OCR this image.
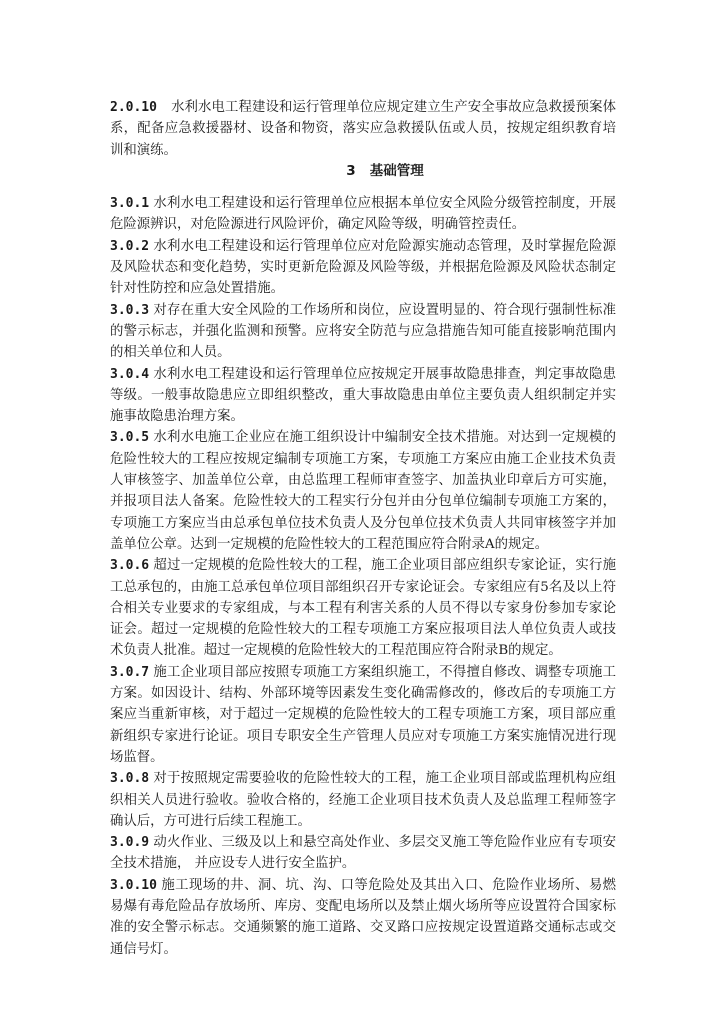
2.0.10 水利水电工程建设和运行管理单位应规定建立生产安全事故应急救援预案体系，配备应急救援器材、设备和物资，落实应急救援队伍或人员，按规定组织教育培训和演练。

3 基础管理

3.0.1 水利水电工程建设和运行管理单位应根据本单位安全风险分级管控制度，开展危险源辨识，对危险源进行风险评价，确定风险等级，明确管控责任。

3.0.2 水利水电工程建设和运行管理单位应对危险源实施动态管理，及时掌握危险源及风险状态和变化趋势，实时更新危险源及风险等级，并根据危险源及风险状态制定针对性防控和应急处置措施。

3.0.3 对存在重大安全风险的工作场所和岗位，应设置明显的、符合现行强制性标准的警示标志，并强化监测和预警。应将安全防范与应急措施告知可能直接影响范围内的相关单位和人员。

3.0.4 水利水电工程建设和运行管理单位应按规定开展事故隐患排查，判定事故隐患等级。一般事故隐患应立即组织整改，重大事故隐患由单位主要负责人组织制定并实施事故隐患治理方案。

3.0.5 水利水电施工企业应在施工组织设计中编制安全技术措施。对达到一定规模的危险性较大的工程应按规定编制专项施工方案，专项施工方案应由施工企业技术负责人审核签字、加盖单位公章，由总监理工程师审查签字、加盖执业印章后方可实施，并报项目法人备案。危险性较大的工程实行分包并由分包单位编制专项施工方案的，专项施工方案应当由总承包单位技术负责人及分包单位技术负责人共同审核签字并加盖单位公章。达到一定规模的危险性较大的工程范围应符合附录A的规定。

3.0.6 超过一定规模的危险性较大的工程，施工企业项目部应组织专家论证，实行施工总承包的，由施工总承包单位项目部组织召开专家论证会。专家组应有5名及以上符合相关专业要求的专家组成，与本工程有利害关系的人员不得以专家身份参加专家论证会。超过一定规模的危险性较大的工程专项施工方案应报项目法人单位负责人或技术负责人批准。超过一定规模的危险性较大的工程范围应符合附录B的规定。

3.0.7 施工企业项目部应按照专项施工方案组织施工，不得擅自修改、调整专项施工方案。如因设计、结构、外部环境等因素发生变化确需修改的，修改后的专项施工方案应当重新审核，对于超过一定规模的危险性较大的工程专项施工方案，项目部应重新组织专家进行论证。项目专职安全生产管理人员应对专项施工方案实施情况进行现场监督。

3.0.8 对于按照规定需要验收的危险性较大的工程，施工企业项目部或监理机构应组织相关人员进行验收。验收合格的，经施工企业项目技术负责人及总监理工程师签字确认后，方可进行后续工程施工。

3.0.9 动火作业、三级及以上和悬空高处作业、多层交叉施工等危险作业应有专项安全技术措施， 并应设专人进行安全监护。

3.0.10 施工现场的井、洞、坑、沟、口等危险处及其出入口、危险作业场所、易燃易爆有毒危险品存放场所、库房、变配电场所以及禁止烟火场所等应设置符合国家标准的安全警示标志。交通频繁的施工道路、交叉路口应按规定设置道路交通标志或交通信号灯。
